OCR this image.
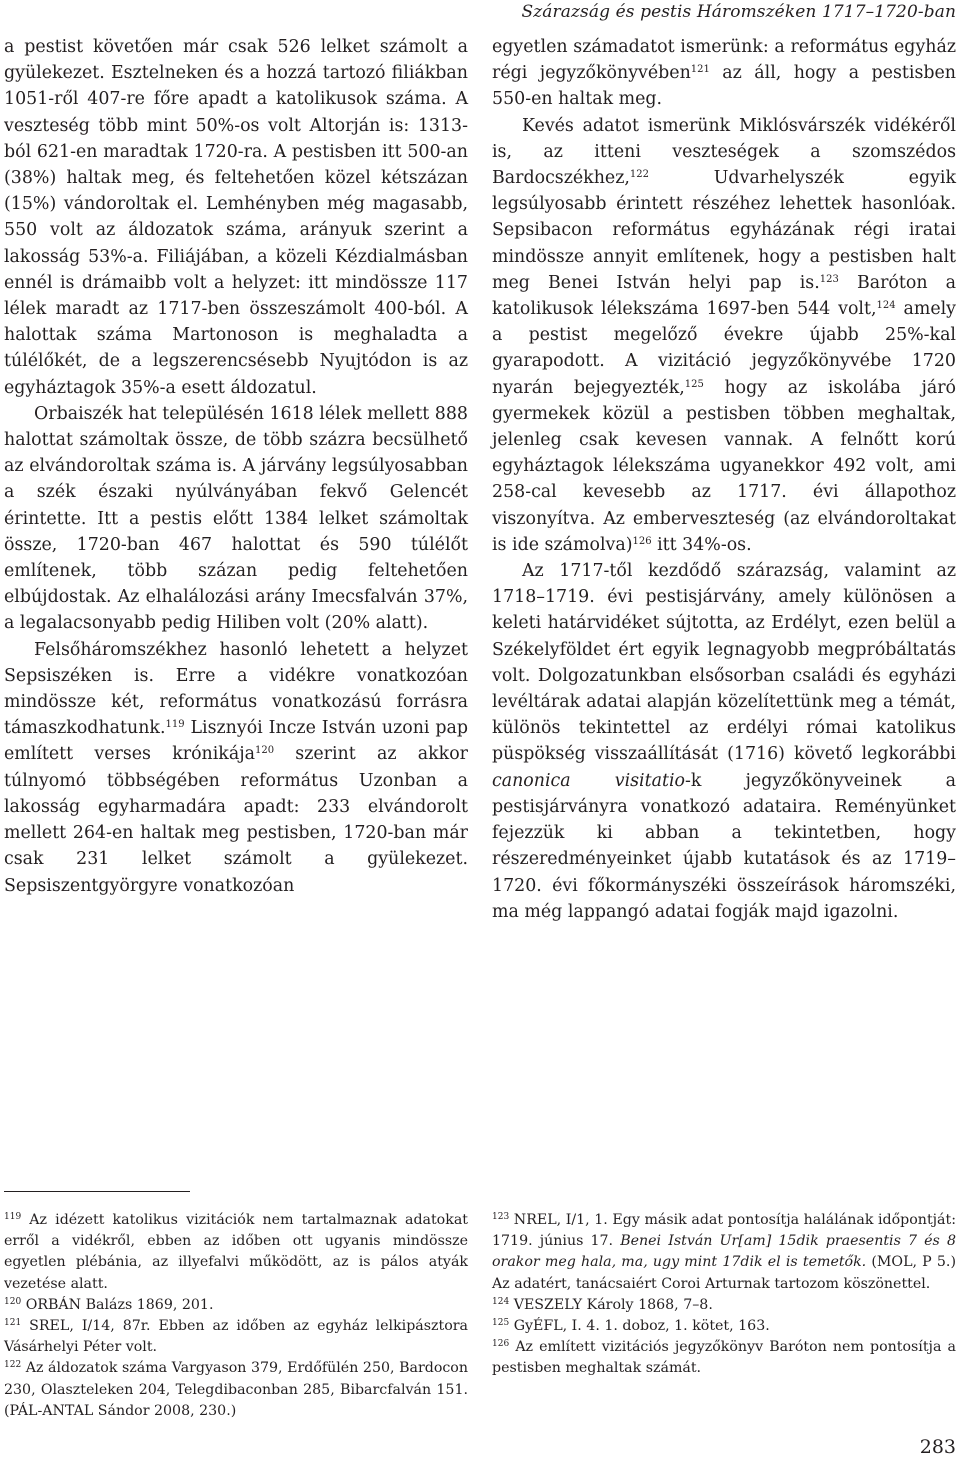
Szárazság és pestis Háromszéken 1717–1720-ban

a pestist követően már csak 526 lelket számolt a gyülekezet. Esztelneken és a hozzá tartozó filiákban 1051-ről 407-re főre apadt a katolikusok száma. A veszteség több mint 50%-os volt Altorján is: 1313-ból 621-en maradtak 1720-ra. A pestisben itt 500-an (38%) haltak meg, és feltehetően közel kétszázan (15%) vándoroltak el. Lemhényben még magasabb, 550 volt az áldozatok száma, arányuk szerint a lakosság 53%-a. Filiájában, a közeli Kézdialmásban ennél is drámaibb volt a helyzet: itt mindössze 117 lélek maradt az 1717-ben összeszámolt 400-ból. A halottak száma Martonoson is meghaladta a túlélőkét, de a legszerencsésebb Nyujtódon is az egyháztagok 35%-a esett áldozatul.

Orbaiszék hat településén 1618 lélek mellett 888 halottat számoltak össze, de több százra becsülhető az elvándoroltak száma is. A járvány legsúlyosabban a szék északi nyúlványában fekvő Gelencét érintette. Itt a pestis előtt 1384 lelket számoltak össze, 1720-ban 467 halottat és 590 túlélőt említenek, több százan pedig feltehetően elbújdostak. Az elhalálozási arány Imecsfalván 37%, a legalacsonyabb pedig Hiliben volt (20% alatt).

Felsőháromszékhez hasonló lehetett a helyzet Sepsiszéken is. Erre a vidékre vonatkozóan mindössze két, református vonatkozású forrásra támaszkodhatunk.$^{119}$ Lisznyói Incze István uzoni pap említett verses krónikája$^{120}$ szerint az akkor túlnyomó többségében református Uzonban a lakosság egyharmadára apadt: 233 elvándorolt mellett 264-en haltak meg pestisben, 1720-ban már csak 231 lelket számolt a gyülekezet. Sepsiszentgyörgyre vonatkozóan

egyetlen számadatot ismerünk: a református egyház régi jegyzőkönyvében$^{121}$ az áll, hogy a pestisben 550-en haltak meg.

Kevés adatot ismerünk Miklósvárszék vidékéről is, az itteni veszteségek a szomszédos Bardocszékhez,$^{122}$ Udvarhelyszék egyik legsúlyosabb érintett részéhez lehettek hasonlóak. Sepsibacon református egyházának régi iratai mindössze annyit említenek, hogy a pestisben halt meg Benei István helyi pap is.$^{123}$ Barόton a katolikusok lélekszáma 1697-ben 544 volt,$^{124}$ amely a pestist megelőző évekre újabb 25%-kal gyarapodott. A vizitáció jegyzőkönyvébe 1720 nyarán bejegyezték,$^{125}$ hogy az iskolába járó gyermekek közül a pestisben többen meghaltak, jelenleg csak kevesen vannak. A felnőtt korú egyháztagok lélekszáma ugyanekkor 492 volt, ami 258-cal kevesebb az 1717. évi állapothoz viszonyítva. Az emberveszteség (az elvándoroltakat is ide számolva)$^{126}$ itt 34%-os.

Az 1717-től kezdődő szárazság, valamint az 1718–1719. évi pestisjárvány, amely különösen a keleti határvidéket sújtotta, az Erdélyt, ezen belül a Székelyföldet ért egyik legnagyobb megpróbáltatás volt. Dolgozatunkban elsősorban családi és egyházi levéltárak adatai alapján közelítettünk meg a témát, különös tekintettel az erdélyi római katolikus püspökség visszaállítását (1716) követő legkorábbi canonica visitatio-k jegyzőkönyveinek a pestisjárványra vonatkozó adataira. Reményünket fejezzük ki abban a tekintetben, hogy részeredményeinket újabb kutatások és az 1719–1720. évi főkormányszéki összeírások háromszéki, ma még lappangó adatai fogják majd igazolni.

$^{119}$ Az idézett katolikus vizitációk nem tartalmaznak adatokat erről a vidékről, ebben az időben ott ugyanis mindössze egyetlen plébánia, az illyefalvi működött, az is pálos atyák vezetése alatt.

$^{120}$ ORBÁN Balázs 1869, 201.

$^{121}$ SREL, I/14, 87r. Ebben az időben az egyház lelkipásztora Vásárhelyi Péter volt.

$^{122}$ Az áldozatok száma Vargyason 379, Erdőfülén 250, Bardocon 230, Olasztelеken 204, Telegdibaconban 285, Bibarcfalván 151. (PÁL-ANTAL Sándor 2008, 230.)

$^{123}$ NREL, I/1, 1. Egy másik adat pontosítja halálának időpontját: 1719. június 17. Benei István Ur[am] 15dik praesentis 7 és 8 orakor meg hala, ma, ugy mint 17dik el is temetők. (MOL, P 5.) Az adatért, tanácsaiért Coroi Arturnak tartozom köszönettel.

$^{124}$ VESZELY Károly 1868, 7–8.

$^{125}$ GyÉFL, I. 4. 1. doboz, 1. kötet, 163.

$^{126}$ Az említett vizitációs jegyzőkönyv Barόton nem pontosítja a pestisben meghaltak számát.

283
